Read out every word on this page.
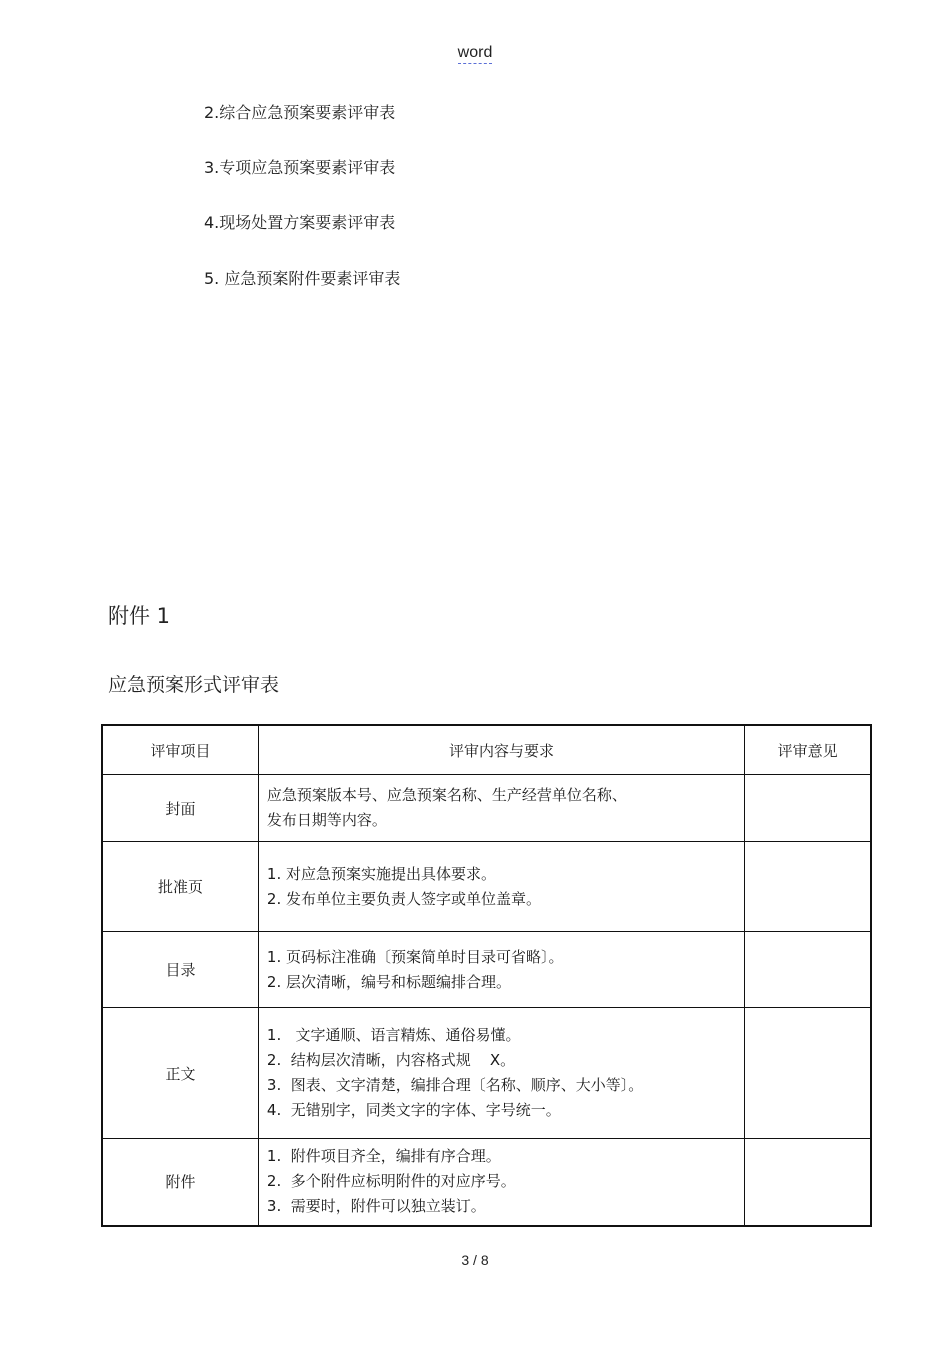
word
2.综合应急预案要素评审表
3.专项应急预案要素评审表
4.现场处置方案要素评审表
5. 应急预案附件要素评审表
附件 1
应急预案形式评审表
评审项目	评审内容与要求	评审意见
封面	应急预案版本号、应急预案名称、生产经营单位名称、
发布日期等内容。	

批准页	1. 对应急预案实施提出具体要求。
2. 发布单位主要负责人签字或单位盖章。	

目录	1. 页码标注准确〔预案简单时目录可省略〕。
2. 层次清晰，编号和标题编排合理。	

正文	1.   文字通顺、语言精炼、通俗易懂。
2.  结构层次清晰，内容格式规    X。
3.  图表、文字清楚，编排合理〔名称、顺序、大小等〕。
4.  无错别字，同类文字的字体、字号统一。	

附件	1.  附件项目齐全，编排有序合理。
2.  多个附件应标明附件的对应序号。
3.  需要时，附件可以独立装订。	

3 / 8
